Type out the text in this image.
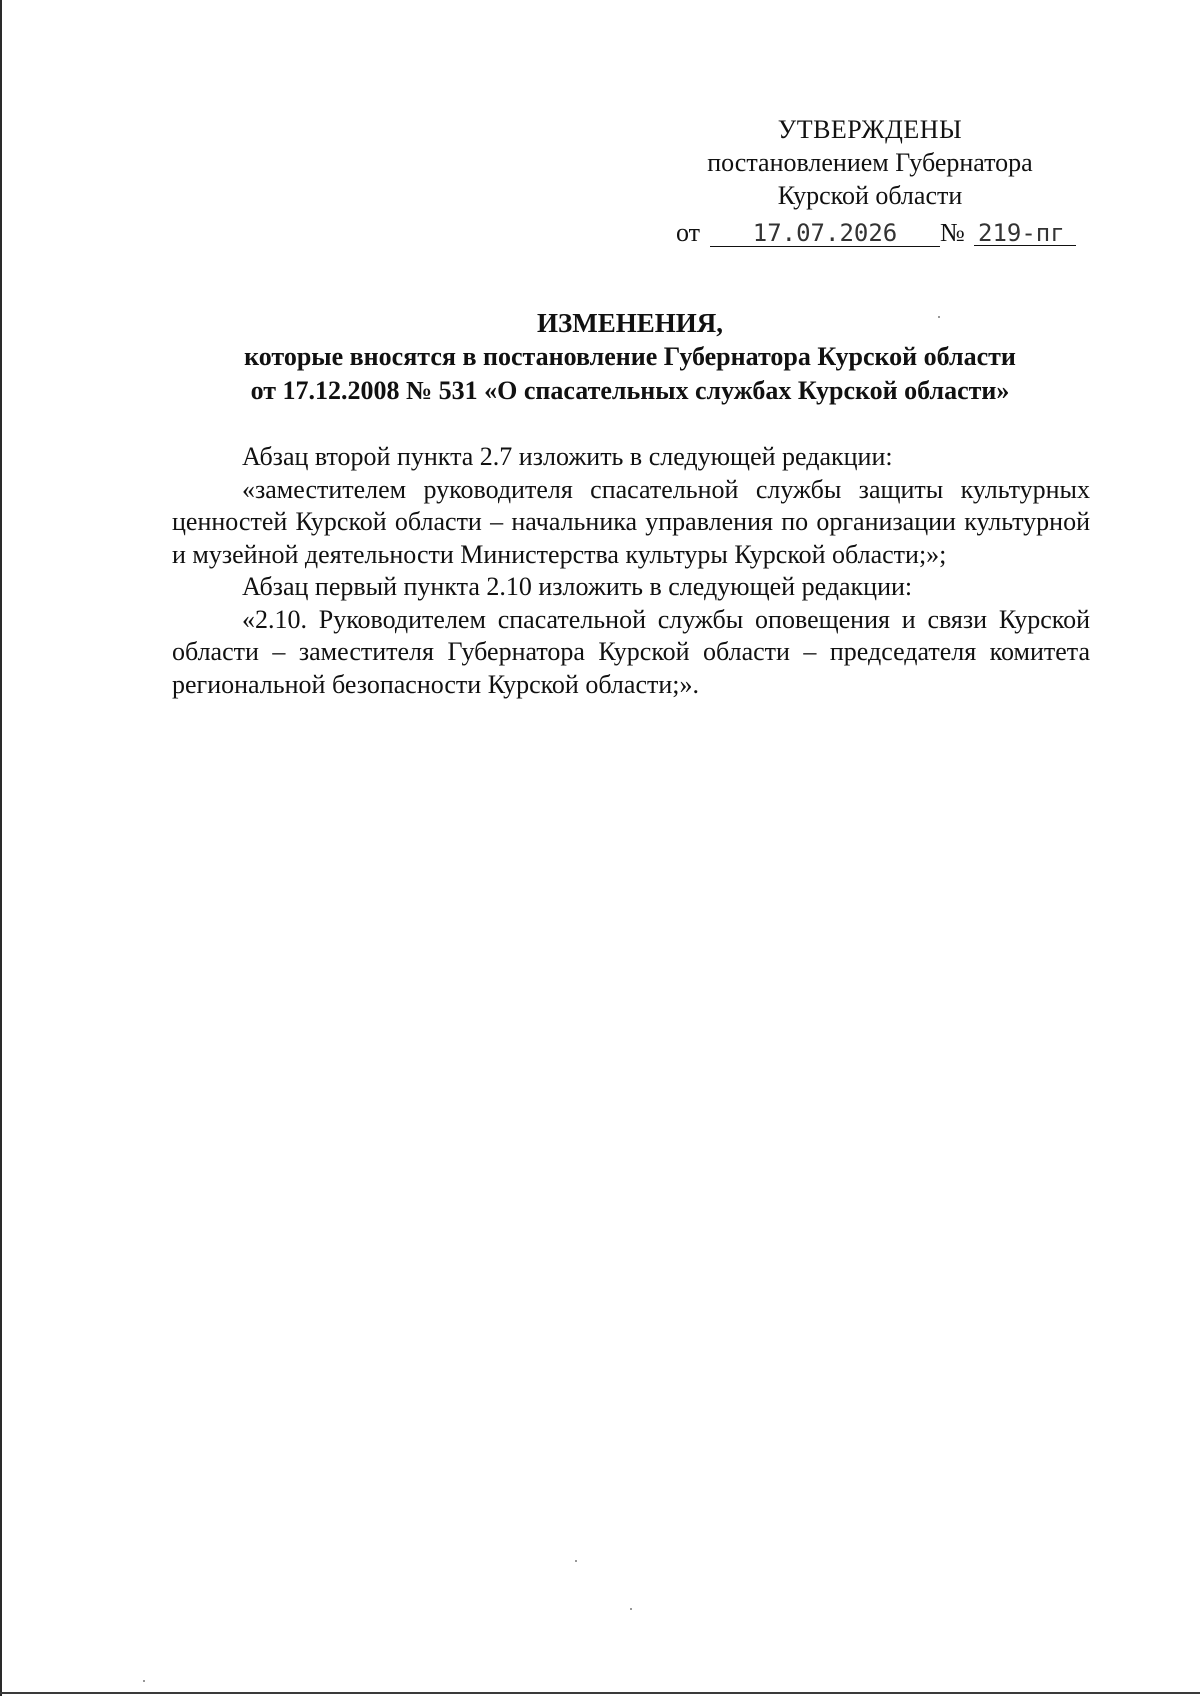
УТВЕРЖДЕНЫ
постановлением Губернатора
Курской области
от	17.07.2026	№ 219-пг
ИЗМЕНЕНИЯ,
которые вносятся в постановление Губернатора Курской области
от 17.12.2008 № 531 «О спасательных службах Курской области»

Абзац второй пункта 2.7 изложить в следующей редакции:

«заместителем руководителя спасательной службы защиты культурных ценностей Курской области – начальника управления по организации культурной и музейной деятельности Министерства культуры Курской области;»;

Абзац первый пункта 2.10 изложить в следующей редакции:

«2.10. Руководителем спасательной службы оповещения и связи Курской области – заместителя Губернатора Курской области – председателя комитета региональной безопасности Курской области;».
